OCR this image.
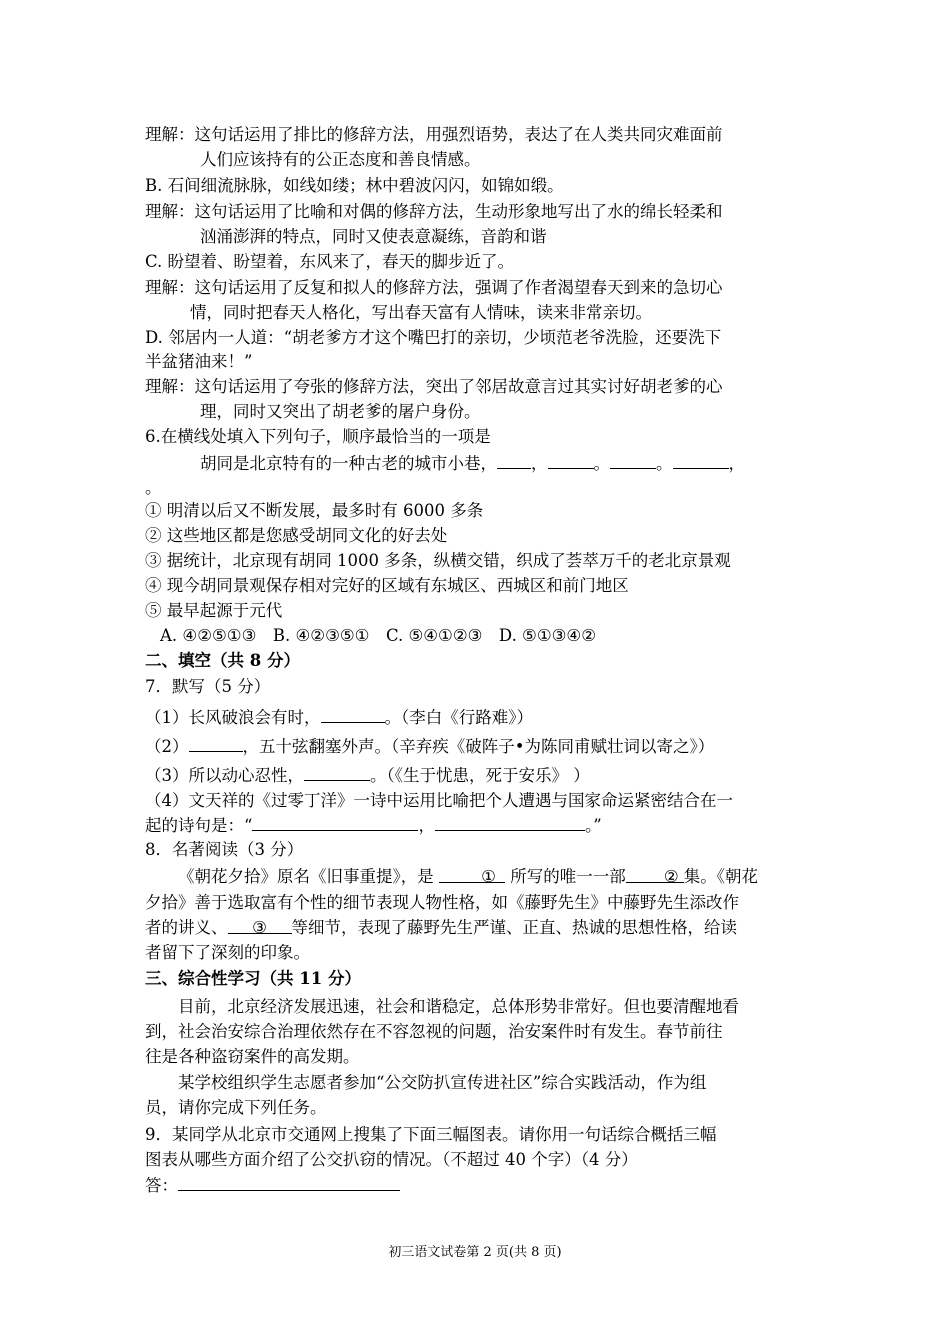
理解：这句话运用了排比的修辞方法，用强烈语势，表达了在人类共同灾难面前
人们应该持有的公正态度和善良情感。
B. 石间细流脉脉，如线如缕；林中碧波闪闪，如锦如缎。
理解：这句话运用了比喻和对偶的修辞方法，生动形象地写出了水的绵长轻柔和
汹涌澎湃的特点，同时又使表意凝练，音韵和谐
C. 盼望着、盼望着，东风来了，春天的脚步近了。
理解：这句话运用了反复和拟人的修辞方法，强调了作者渴望春天到来的急切心
情，同时把春天人格化，写出春天富有人情味，读来非常亲切。
D. 邻居内一人道：“胡老爹方才这个嘴巴打的亲切，少顷范老爷洗脸，还要洗下
半盆猪油来！”
理解：这句话运用了夸张的修辞方法，突出了邻居故意言过其实讨好胡老爹的心
理，同时又突出了胡老爹的屠户身份。
6.在横线处填入下列句子，顺序最恰当的一项是
胡同是北京特有的一种古老的城市小巷， ，	。	。	，
。
① 明清以后又不断发展，最多时有 6000 多条
② 这些地区都是您感受胡同文化的好去处
③ 据统计，北京现有胡同 1000 多条，纵横交错，织成了荟萃万千的老北京景观
④ 现今胡同景观保存相对完好的区域有东城区、西城区和前门地区
⑤ 最早起源于元代
A. ④②⑤①③　B. ④②③⑤①　C. ⑤④①②③　D. ⑤①③④②
二、填空（共 8 分）
7．默写（5 分）
（1）长风破浪会有时，	。（李白《行路难》）
（2）	，五十弦翻塞外声。（辛弃疾《破阵子•为陈同甫赋壮词以寄之》）
（3）所以动心忍性，	。（《生于忧患，死于安乐》 ）
（4）文天祥的《过零丁洋》一诗中运用比喻把个人遭遇与国家命运紧密结合在一
起的诗句是：“	，	。”
8．名著阅读（3 分）
《朝花夕拾》原名《旧事重提》，是	① 所写的唯一一部 ② 集。《朝花
夕拾》善于选取富有个性的细节表现人物性格，如《藤野先生》中藤野先生添改作
者的讲义、 ③ 等细节，表现了藤野先生严谨、正直、热诚的思想性格，给读
者留下了深刻的印象。
三、综合性学习（共 11 分）
目前，北京经济发展迅速，社会和谐稳定，总体形势非常好。但也要清醒地看
到，社会治安综合治理依然存在不容忽视的问题，治安案件时有发生。春节前往
往是各种盗窃案件的高发期。
某学校组织学生志愿者参加“公交防扒宣传进社区”综合实践活动，作为组
员，请你完成下列任务。
9．某同学从北京市交通网上搜集了下面三幅图表。请你用一句话综合概括三幅
图表从哪些方面介绍了公交扒窃的情况。（不超过 40 个字）（4 分）
答：
初三语文试卷第 2 页(共 8 页)
